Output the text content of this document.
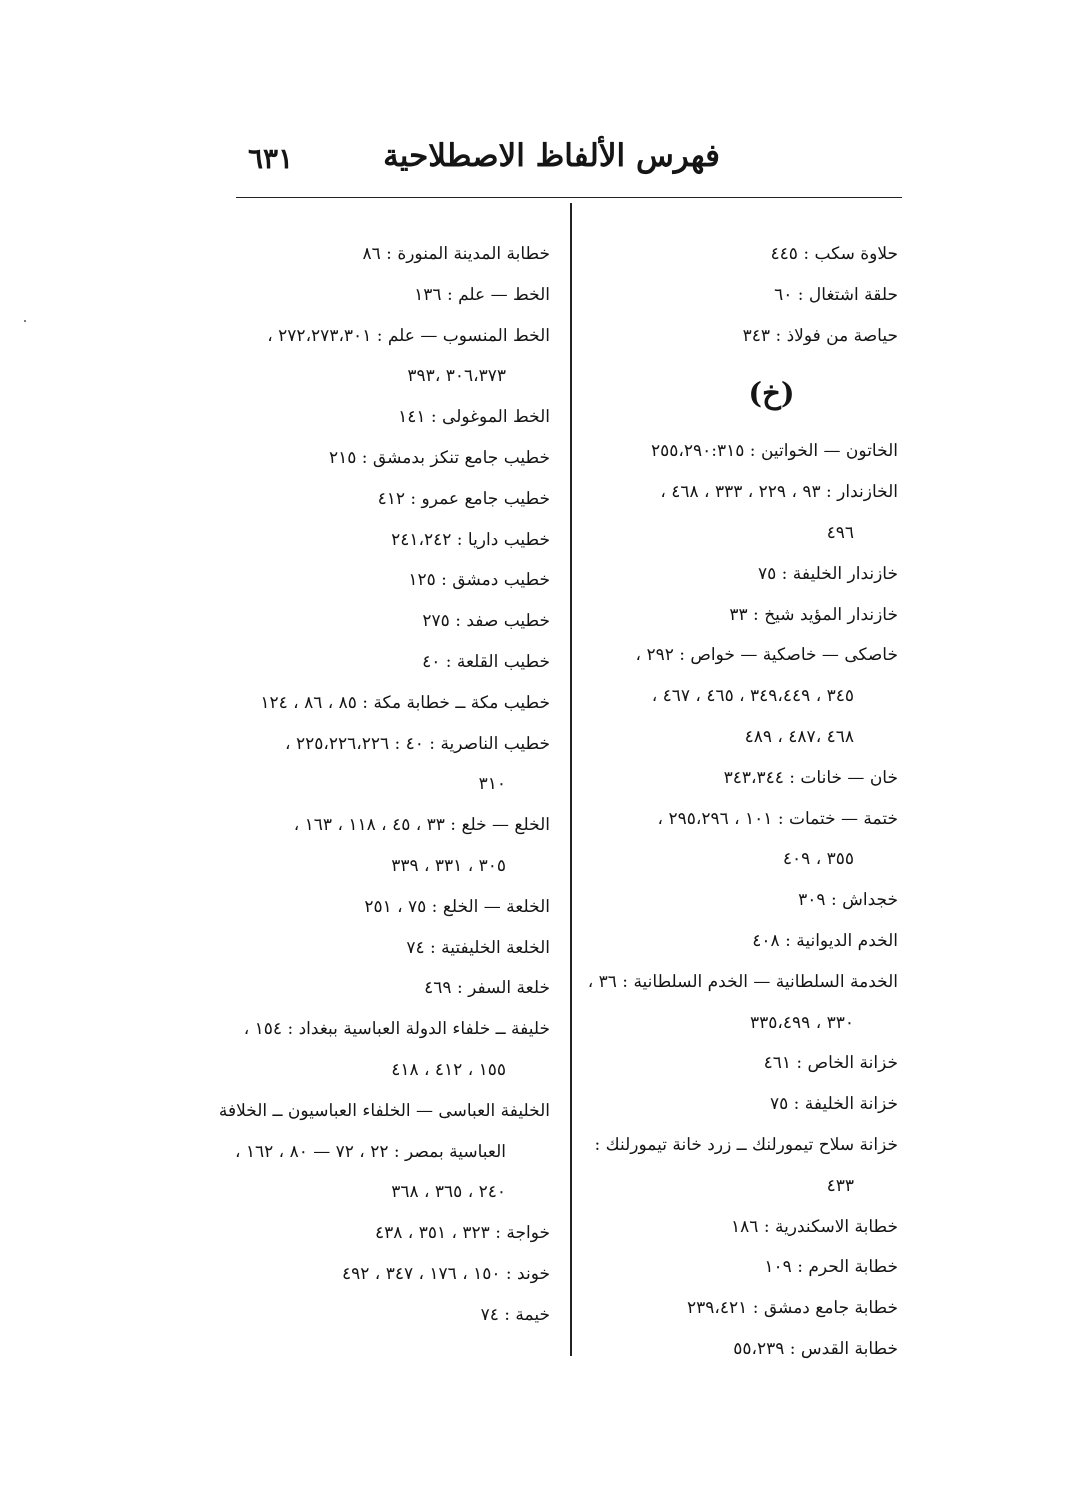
فهرس الألفاظ الاصطلاحية
٦٣١
حلاوة سكب : ٤٤٥
حلقة اشتغال : ٦٠
حياصة من فولاذ : ٣٤٣
(خ)
الخاتون — الخواتين : ٢٥٥،٢٩٠:٣١٥
الخازندار : ٩٣ ، ٢٢٩ ، ٣٣٣ ، ٤٦٨ ،
٤٩٦
خازندار الخليفة : ٧٥
خازندار المؤيد شيخ : ٣٣
خاصكى — خاصكية — خواص : ٢٩٢ ،
٣٤٥ ، ٣٤٩،٤٤٩ ، ٤٦٥ ، ٤٦٧ ،
٤٦٨ ،٤٨٧ ، ٤٨٩
خان — خانات : ٣٤٣،٣٤٤
ختمة — ختمات : ١٠١ ، ٢٩٥،٢٩٦ ،
٣٥٥ ، ٤٠٩
خجداش : ٣٠٩
الخدم الديوانية : ٤٠٨
الخدمة السلطانية — الخدم السلطانية : ٣٦ ،
٣٣٠ ، ٣٣٥،٤٩٩
خزانة الخاص : ٤٦١
خزانة الخليفة : ٧٥
خزانة سلاح تيمورلنك ــ زرد خانة تيمورلنك :
٤٣٣
خطابة الاسكندرية : ١٨٦
خطابة الحرم : ١٠٩
خطابة جامع دمشق : ٢٣٩،٤٢١
خطابة القدس : ٥٥،٢٣٩
خطابة المدينة المنورة : ٨٦
الخط — علم : ١٣٦
الخط المنسوب — علم : ٢٧٢،٢٧٣،٣٠١ ،
٣٠٦،٣٧٣ ،٣٩٣
الخط الموغولى : ١٤١
خطيب جامع تنكز بدمشق : ٢١٥
خطيب جامع عمرو : ٤١٢
خطيب داريا : ٢٤١،٢٤٢
خطيب دمشق : ١٢٥
خطيب صفد : ٢٧٥
خطيب القلعة : ٤٠
خطيب مكة ــ خطابة مكة : ٨٥ ، ٨٦ ، ١٢٤
خطيب الناصرية : ٤٠ : ٢٢٥،٢٢٦،٢٢٦ ،
٣١٠
الخلع — خلع : ٣٣ ، ٤٥ ، ١١٨ ، ١٦٣ ،
٣٠٥ ، ٣٣١ ، ٣٣٩
الخلعة — الخلع : ٧٥ ، ٢٥١
الخلعة الخليفتية : ٧٤
خلعة السفر : ٤٦٩
خليفة ــ خلفاء الدولة العباسية ببغداد : ١٥٤ ،
١٥٥ ، ٤١٢ ، ٤١٨
الخليفة العباسى — الخلفاء العباسيون ــ الخلافة
العباسية بمصر : ٢٢ ، ٧٢ — ٨٠ ، ١٦٢ ،
٢٤٠ ، ٣٦٥ ، ٣٦٨
خواجة : ٣٢٣ ، ٣٥١ ، ٤٣٨
خوند : ١٥٠ ، ١٧٦ ، ٣٤٧ ، ٤٩٢
خيمة : ٧٤
